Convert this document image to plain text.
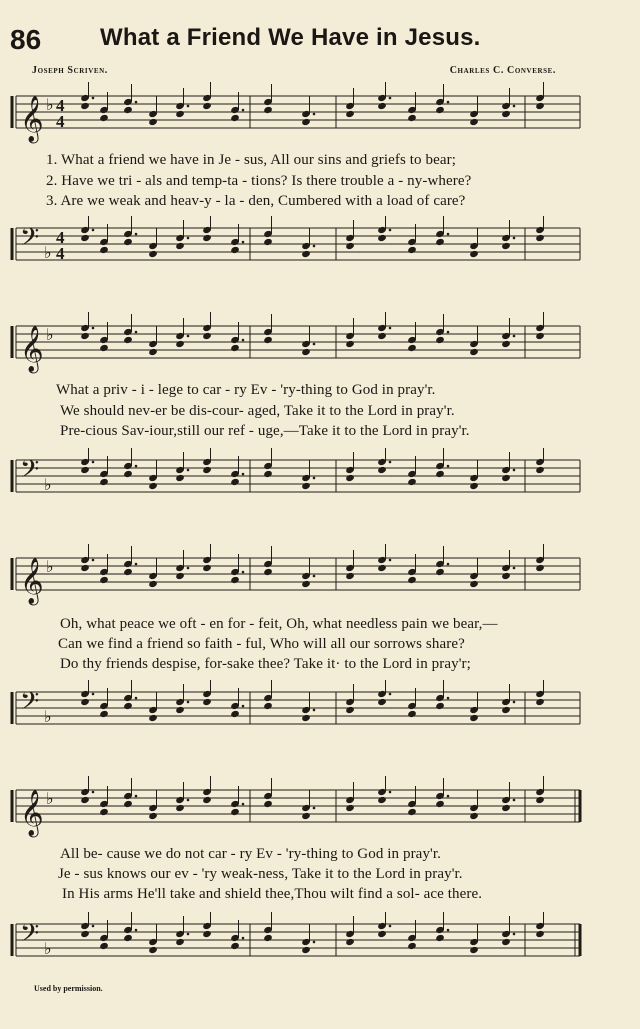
86 What a Friend We Have in Jesus.
Joseph Scriven.	Charles C. Converse.
𝄞 ♭ 4
4
1. What a friend we have in Je - sus, All our sins and griefs to bear;
2. Have we tri - als and temp-ta - tions? Is there trouble a - ny-where?
3. Are we weak and heav-y - la - den, Cumbered with a load of care?
𝄢 ♭
4
4
𝄞 ♭
What a priv - i - lege to car - ry Ev - 'ry-thing to God in pray'r.
We should nev-er be dis-cour- aged, Take it to the Lord in pray'r.
Pre-cious Sav-iour,still our ref - uge,—Take it to the Lord in pray'r.
𝄢 ♭
𝄞 ♭
Oh, what peace we oft - en for - feit, Oh, what needless pain we bear,—
Can we find a friend so faith - ful, Who will all our sorrows share?
Do thy friends despise, for-sake thee? Take it· to the Lord in pray'r;
𝄢 ♭
𝄞 ♭
All be- cause we do not car - ry Ev - 'ry-thing to God in pray'r.
Je - sus knows our ev - 'ry weak-ness, Take it to the Lord in pray'r.
In His arms He'll take and shield thee,Thou wilt find a sol- ace there.
𝄢 ♭
Used by permission.
